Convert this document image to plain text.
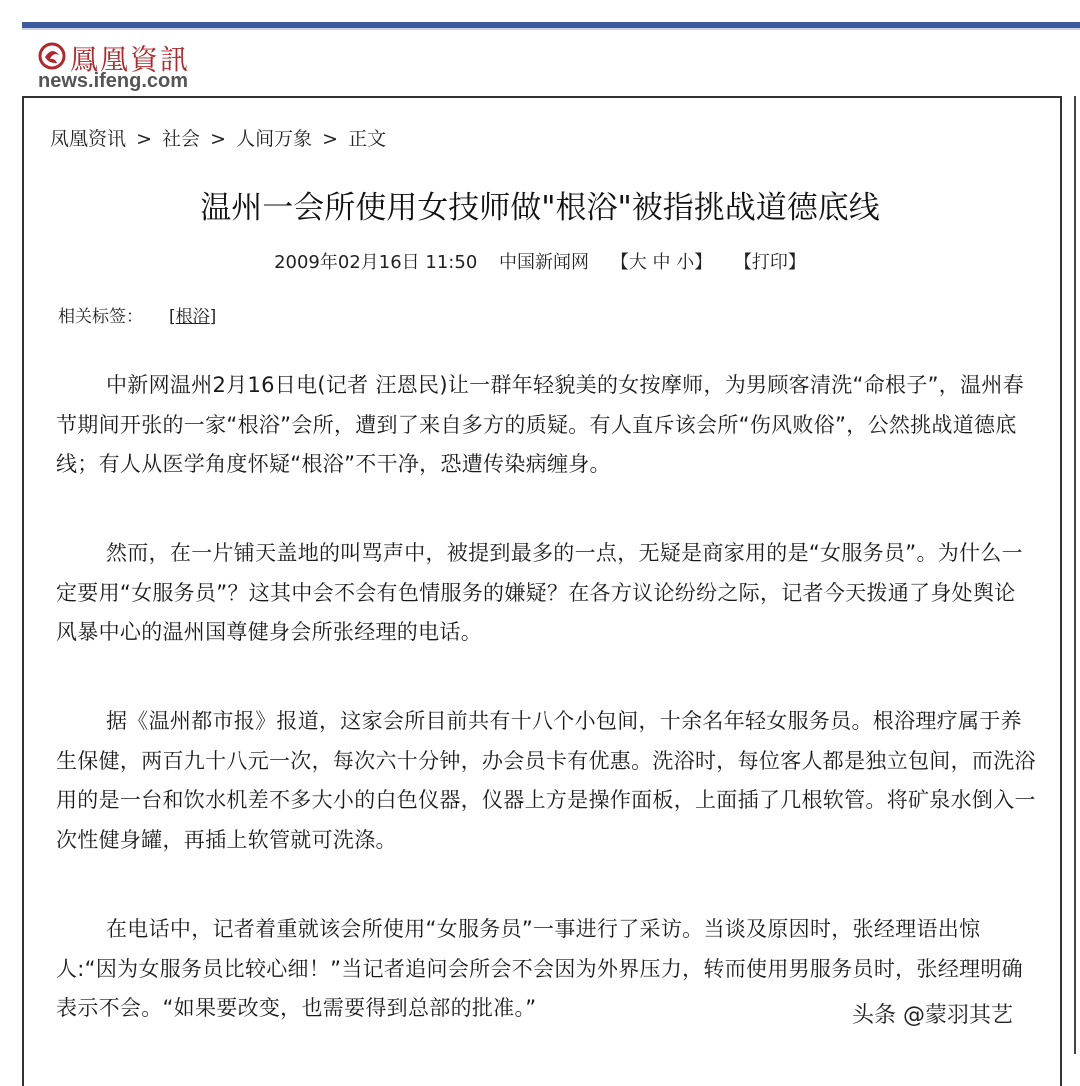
鳳凰資訊
news.ifeng.com
凤凰资讯 > 社会 > 人间万象 > 正文
温州一会所使用女技师做"根浴"被指挑战道德底线
2009年02月16日 11:50 中国新闻网 【大 中 小】 【打印】
相关标签： [根浴]

中新网温州2月16日电(记者 汪恩民)让一群年轻貌美的女按摩师，为男顾客清洗“命根子”，温州春节期间开张的一家“根浴”会所，遭到了来自多方的质疑。有人直斥该会所“伤风败俗”，公然挑战道德底线；有人从医学角度怀疑“根浴”不干净，恐遭传染病缠身。

然而，在一片铺天盖地的叫骂声中，被提到最多的一点，无疑是商家用的是“女服务员”。为什么一定要用“女服务员”？这其中会不会有色情服务的嫌疑？在各方议论纷纷之际，记者今天拨通了身处舆论风暴中心的温州国尊健身会所张经理的电话。

据《温州都市报》报道，这家会所目前共有十八个小包间，十余名年轻女服务员。根浴理疗属于养生保健，两百九十八元一次，每次六十分钟，办会员卡有优惠。洗浴时，每位客人都是独立包间，而洗浴用的是一台和饮水机差不多大小的白色仪器，仪器上方是操作面板，上面插了几根软管。将矿泉水倒入一次性健身罐，再插上软管就可洗涤。

在电话中，记者着重就该会所使用“女服务员”一事进行了采访。当谈及原因时，张经理语出惊人:“因为女服务员比较心细！”当记者追问会所会不会因为外界压力，转而使用男服务员时，张经理明确表示不会。“如果要改变，也需要得到总部的批准。”	头条 @蒙羽其艺
